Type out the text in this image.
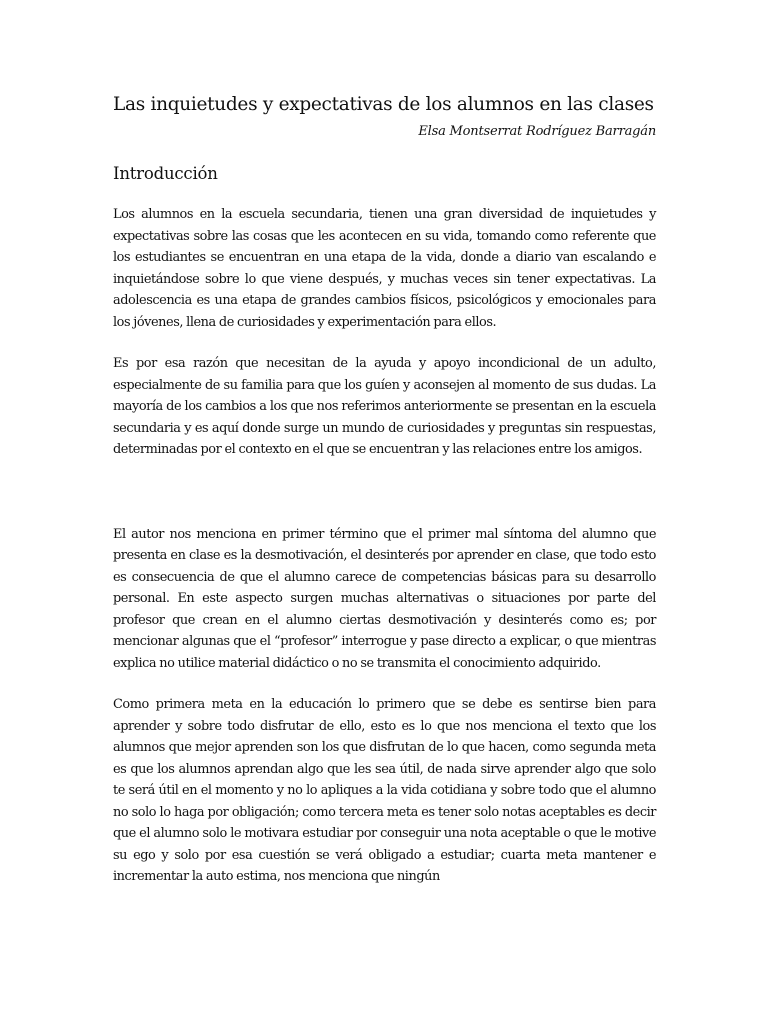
Las inquietudes y expectativas de los alumnos en las clases
Elsa Montserrat Rodríguez Barragán
Introducción

Los alumnos en la escuela secundaria, tienen una gran diversidad de inquietudes y expectativas sobre las cosas que les acontecen en su vida, tomando como referente que los estudiantes se encuentran en una etapa de la vida, donde a diario van escalando e inquietándose sobre lo que viene después, y muchas veces sin tener expectativas. La adolescencia es una etapa de grandes cambios físicos, psicológicos y emocionales para los jóvenes, llena de curiosidades y experimentación para ellos.

Es por esa razón que necesitan de la ayuda y apoyo incondicional de un adulto, especialmente de su familia para que los guíen y aconsejen al momento de sus dudas. La mayoría de los cambios a los que nos referimos anteriormente se presentan en la escuela secundaria y es aquí donde surge un mundo de curiosidades y preguntas sin respuestas, determinadas por el contexto en el que se encuentran y las relaciones entre los amigos.

El autor nos menciona en primer término que el primer mal síntoma del alumno que presenta en clase es la desmotivación, el desinterés por aprender en clase, que todo esto es consecuencia de que el alumno carece de competencias básicas para su desarrollo personal. En este aspecto surgen muchas alternativas o situaciones por parte del profesor que crean en el alumno ciertas desmotivación y desinterés como es; por mencionar algunas que el “profesor” interrogue y pase directo a explicar, o que mientras explica no utilice material didáctico o no se transmita el conocimiento adquirido.

Como primera meta en la educación lo primero que se debe es sentirse bien para aprender y sobre todo disfrutar de ello, esto es lo que nos menciona el texto que los alumnos que mejor aprenden son los que disfrutan de lo que hacen, como segunda meta es que los alumnos aprendan algo que les sea útil, de nada sirve aprender algo que solo te será útil en el momento y no lo apliques a la vida cotidiana y sobre todo que el alumno no solo lo haga por obligación; como tercera meta es tener solo notas aceptables es decir que el alumno solo le motivara estudiar por conseguir una nota aceptable o que le motive su ego y solo por esa cuestión se verá obligado a estudiar; cuarta meta mantener e incrementar la auto estima, nos menciona que ningún
